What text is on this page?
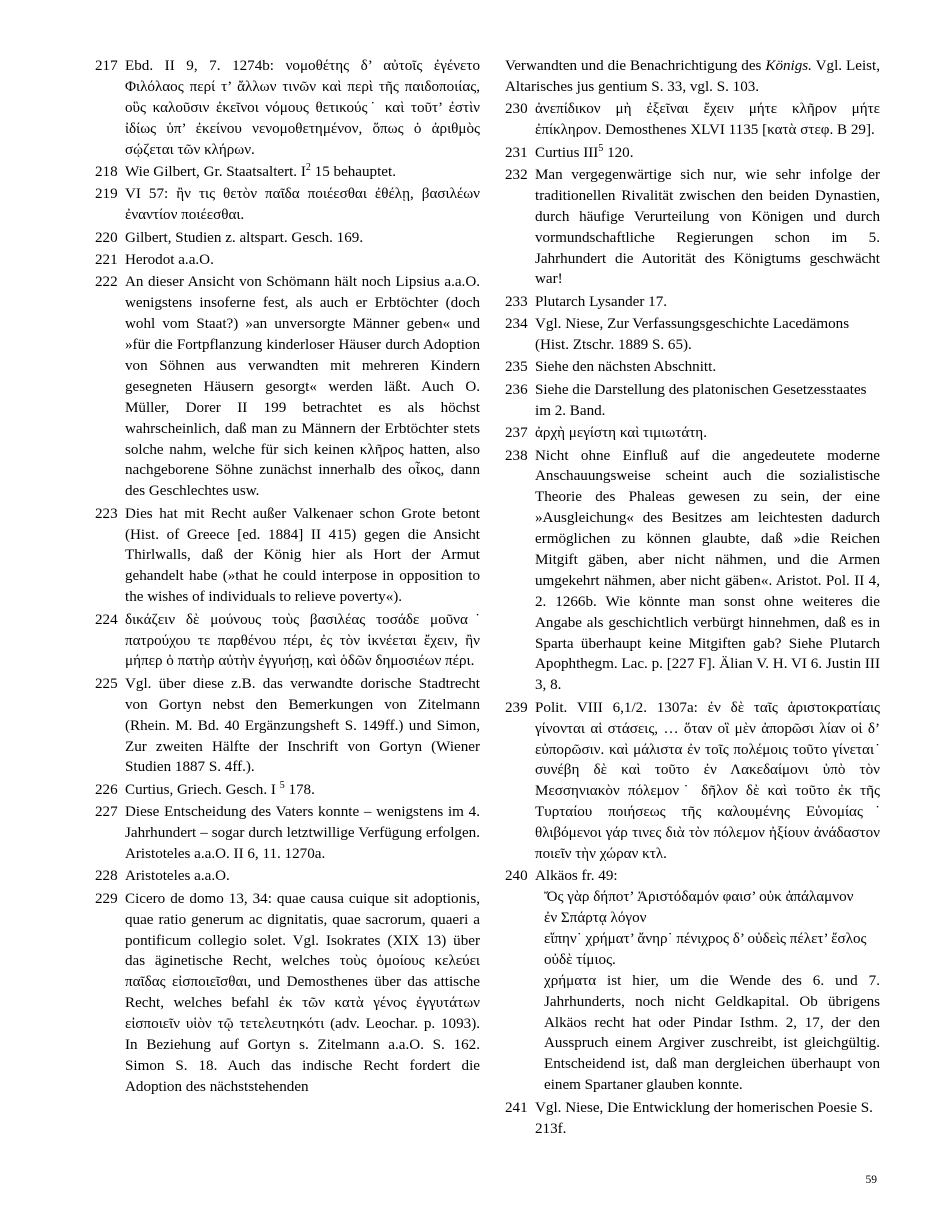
217 Ebd. II 9, 7. 1274b: νομοθέτης δ’ αὐτοῖς ἐγένετο Φιλόλαος περί τ’ ἄλλων τινῶν καὶ περὶ τῆς παιδοποιίας, οὓς καλοῦσιν ἐκεῖνοι νόμους θετικούς˙ καὶ τοῦτ’ ἐστὶν ἰδίως ὑπ’ ἐκείνου νενομοθετημένον, ὅπως ὁ ἀριθμὸς σῴζεται τῶν κλήρων.
218 Wie Gilbert, Gr. Staatsaltert. $I^2$ 15 behauptet.
219 VI 57: ἢν τις θετὸν παῖδα ποιέεσθαι ἐθέλῃ, βασιλέων ἐναντίον ποιέεσθαι.
220 Gilbert, Studien z. altspart. Gesch. 169.
221 Herodot a.a.O.
222 An dieser Ansicht von Schömann hält noch Lipsius a.a.O. wenigstens insoferne fest, als auch er Erbtöchter (doch wohl vom Staat?) »an unversorgte Männer geben« und »für die Fortpflanzung kinderloser Häuser durch Adoption von Söhnen aus verwandten mit mehreren Kindern gesegneten Häusern gesorgt« werden läßt. Auch O. Müller, Dorer II 199 betrachtet es als höchst wahrscheinlich, daß man zu Männern der Erbtöchter stets solche nahm, welche für sich keinen κλῆρος hatten, also nachgeborene Söhne zunächst innerhalb des οἶκος, dann des Geschlechtes usw.
223 Dies hat mit Recht außer Valkenaer schon Grote betont (Hist. of Greece [ed. 1884] II 415) gegen die Ansicht Thirlwalls, daß der König hier als Hort der Armut gehandelt habe (»that he could interpose in opposition to the wishes of individuals to relieve poverty«).
224 δικάζειν δὲ μούνους τοὺς βασιλέας τοσάδε μοῦνα˙ πατρούχου τε παρθένου πέρι, ἐς τὸν ἱκνέεται ἔχειν, ἢν μήπερ ὁ πατὴρ αὐτὴν ἐγγυήσῃ, καὶ ὁδῶν δημοσιέων πέρι.
225 Vgl. über diese z.B. das verwandte dorische Stadtrecht von Gortyn nebst den Bemerkungen von Zitelmann (Rhein. M. Bd. 40 Ergänzungsheft S. 149ff.) und Simon, Zur zweiten Hälfte der Inschrift von Gortyn (Wiener Studien 1887 S. 4ff.).
226 Curtius, Griech. Gesch. I $^5$ 178.
227 Diese Entscheidung des Vaters konnte – wenigstens im 4. Jahrhundert – sogar durch letztwillige Verfügung erfolgen. Aristoteles a.a.O. II 6, 11. 1270a.
228 Aristoteles a.a.O.
229 Cicero de domo 13, 34: quae causa cuique sit adoptionis, quae ratio generum ac dignitatis, quae sacrorum, quaeri a pontificum collegio solet. Vgl. Isokrates (XIX 13) über das äginetische Recht, welches τοὺς ὁμοίους κελεύει παῖδας εἰσποιεῖσθαι, und Demosthenes über das attische Recht, welches befahl ἐκ τῶν κατὰ γένος ἐγγυτάτων εἰσποιεῖν υἱὸν τῷ τετελευτηκότι (adv. Leochar. p. 1093). In Beziehung auf Gortyn s. Zitelmann a.a.O. S. 162. Simon S. 18. Auch das indische Recht fordert die Adoption des nächststehenden
Verwandten und die Benachrichtigung des Königs. Vgl. Leist, Altarisches jus gentium S. 33, vgl. S. 103.
230 ἀνεπίδικον μὴ ἐξεῖναι ἔχειν μήτε κλῆρον μήτε ἐπίκληρον. Demosthenes XLVI 1135 [κατὰ στεφ. Β 29].
231 Curtius III$^5$ 120.
232 Man vergegenwärtige sich nur, wie sehr infolge der traditionellen Rivalität zwischen den beiden Dynastien, durch häufige Verurteilung von Königen und durch vormundschaftliche Regierungen schon im 5. Jahrhundert die Autorität des Königtums geschwächt war!
233 Plutarch Lysander 17.
234 Vgl. Niese, Zur Verfassungsgeschichte Lacedämons (Hist. Ztschr. 1889 S. 65).
235 Siehe den nächsten Abschnitt.
236 Siehe die Darstellung des platonischen Gesetzesstaates im 2. Band.
237 ἀρχὴ μεγίστη καὶ τιμιωτάτη.
238 Nicht ohne Einfluß auf die angedeutete moderne Anschauungsweise scheint auch die sozialistische Theorie des Phaleas gewesen zu sein, der eine »Ausgleichung« des Besitzes am leichtesten dadurch ermöglichen zu können glaubte, daß »die Reichen Mitgift gäben, aber nicht nähmen, und die Armen umgekehrt nähmen, aber nicht gäben«. Aristot. Pol. II 4, 2. 1266b. Wie könnte man sonst ohne weiteres die Angabe als geschichtlich verbürgt hinnehmen, daß es in Sparta überhaupt keine Mitgiften gab? Siehe Plutarch Apophthegm. Lac. p. [227 F]. Älian V. H. VI 6. Justin III 3, 8.
239 Polit. VIII 6,1/2. 1307a: ἐν δὲ ταῖς ἀριστοκρατίαις γίνονται αἱ στάσεις, … ὅταν οἳ μὲν ἀποpῶσι λίαν οἱ δ’ εὐπορῶσιν. καὶ μάλιστα ἐν τοῖς πολέμοις τοῦτο γίνεται˙ συνέβη δὲ καὶ τοῦτο ἐν Λακεδαίμονι ὑπὸ τὸν Μεσσηνιακὸν πόλεμον˙ δῆλον δὲ καὶ τοῦτο ἐκ τῆς Τυρταίου ποιήσεως τῆς καλουμένης Εὐνομίας˙ θλιβόμενοι γάρ τινες διὰ τὸν πόλεμον ἠξίουν ἀνάδαστον ποιεῖν τὴν χώραν κτλ.
240 Alkäos fr. 49:
Ὄς γὰρ δήποτ’ Ἀριστόδαμόν φαισ’ οὐκ ἀπάλαμνον
ἐν Σπάρτᾳ λόγον
εἴπην˙ χρήματ’ ἄνηρ˙ πένιχρος δ’ οὐδεὶς πέλετ’ ἔσλος
οὐδὲ τίμιος.
χρήματα ist hier, um die Wende des 6. und 7. Jahrhunderts, noch nicht Geldkapital. Ob übrigens Alkäos recht hat oder Pindar Isthm. 2, 17, der den Ausspruch einem Argiver zuschreibt, ist gleichgültig. Entscheidend ist, daß man dergleichen überhaupt von einem Spartaner glauben konnte.
241 Vgl. Niese, Die Entwicklung der homerischen Poesie S. 213f.
59
